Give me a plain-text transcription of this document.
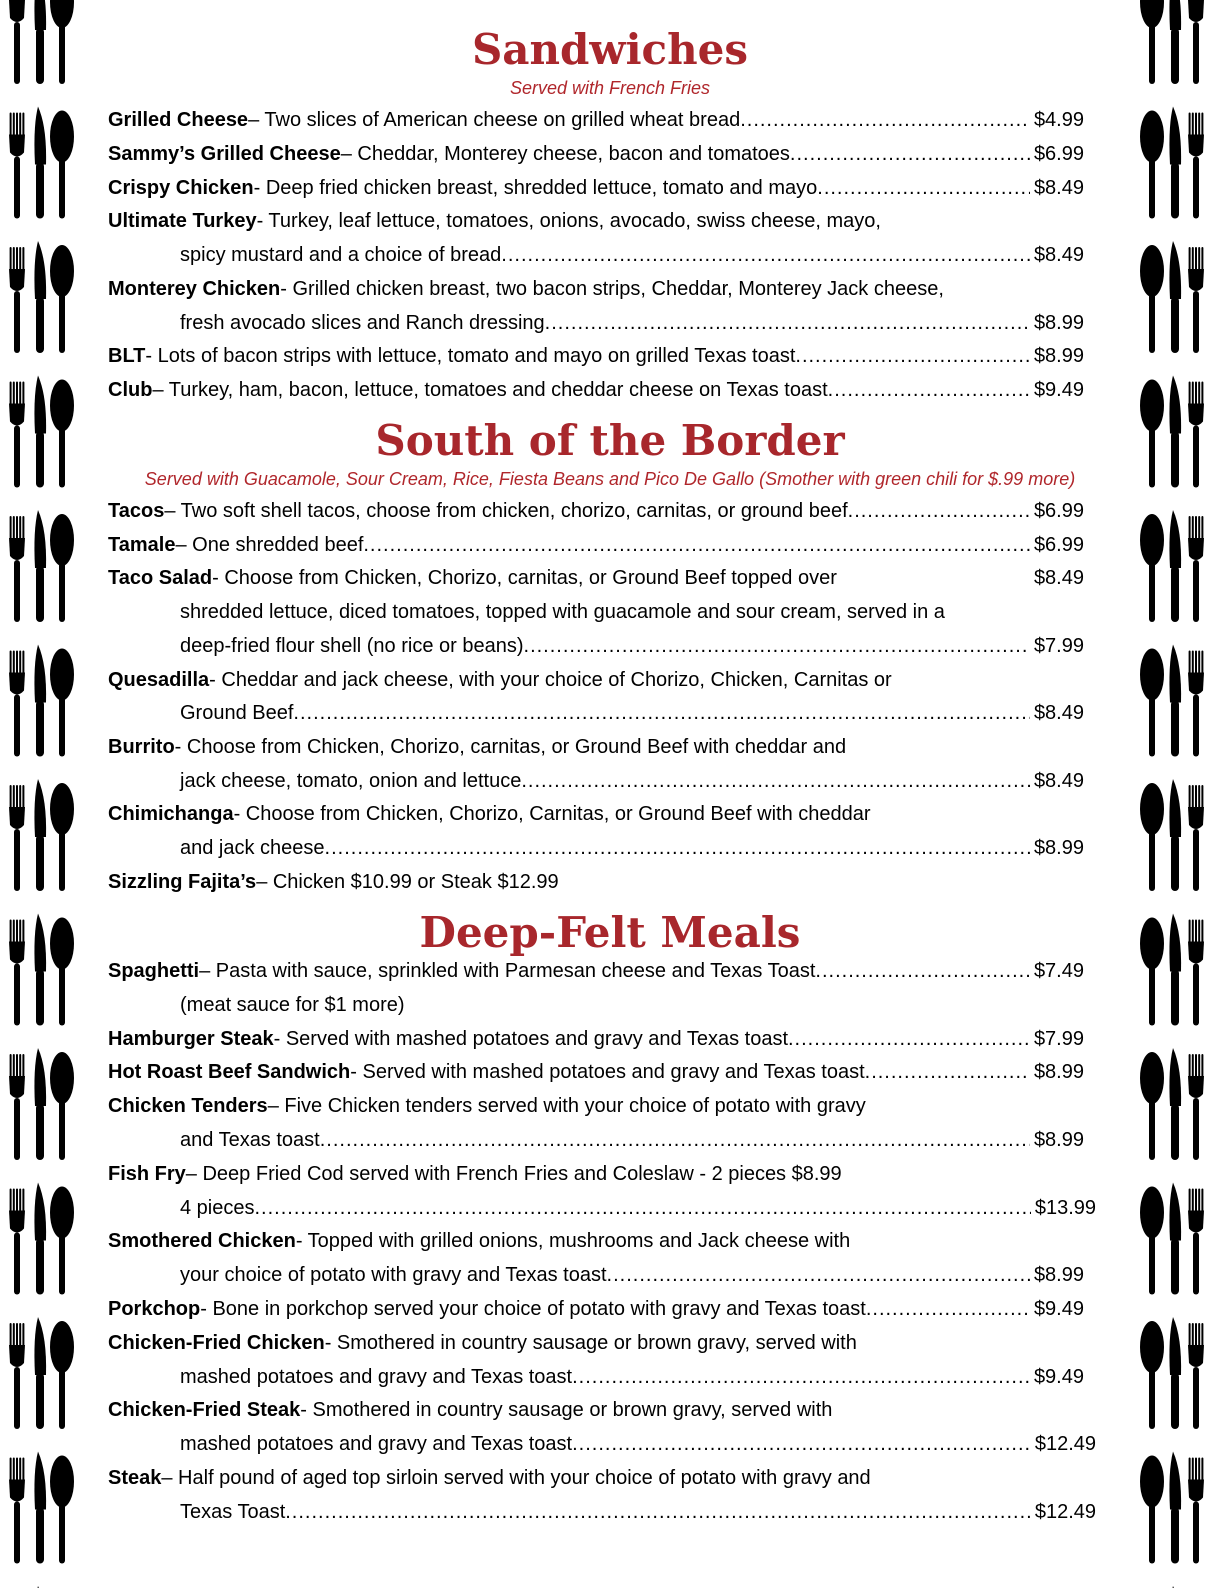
Sandwiches
Served with French Fries
Grilled Cheese – Two slices of American cheese on grilled wheat bread .....	$4.99
Sammy’s Grilled Cheese – Cheddar, Monterey cheese, bacon and tomatoes .....	$6.99
Crispy Chicken - Deep fried chicken breast, shredded lettuce, tomato and mayo .....	$8.49
Ultimate Turkey - Turkey, leaf lettuce, tomatoes, onions, avocado, swiss cheese, mayo,
spicy mustard and a choice of bread .....	$8.49
Monterey Chicken - Grilled chicken breast, two bacon strips, Cheddar, Monterey Jack cheese,
fresh avocado slices and Ranch dressing .....	$8.99
BLT - Lots of bacon strips with lettuce, tomato and mayo on grilled Texas toast .....	$8.99
Club – Turkey, ham, bacon, lettuce, tomatoes and cheddar cheese on Texas toast .....	$9.49
South of the Border
Served with Guacamole, Sour Cream, Rice, Fiesta Beans and Pico De Gallo (Smother with green chili for $.99 more)
Tacos – Two soft shell tacos, choose from chicken, chorizo, carnitas, or ground beef .....	$6.99
Tamale – One shredded beef .....	$6.99
Taco Salad - Choose from Chicken, Chorizo, carnitas, or Ground Beef topped over	$8.49
shredded lettuce, diced tomatoes, topped with guacamole and sour cream, served in a
deep-fried flour shell (no rice or beans) .....	$7.99
Quesadilla - Cheddar and jack cheese, with your choice of Chorizo, Chicken, Carnitas or
Ground Beef .....	$8.49
Burrito - Choose from Chicken, Chorizo, carnitas, or Ground Beef with cheddar and
jack cheese, tomato, onion and lettuce .....	$8.49
Chimichanga - Choose from Chicken, Chorizo, Carnitas, or Ground Beef with cheddar
and jack cheese .....	$8.99
Sizzling Fajita’s – Chicken $10.99 or Steak $12.99
Deep-Felt Meals
Spaghetti – Pasta with sauce, sprinkled with Parmesan cheese and Texas Toast .....	$7.49
(meat sauce for $1 more)
Hamburger Steak - Served with mashed potatoes and gravy and Texas toast .....	$7.99
Hot Roast Beef Sandwich - Served with mashed potatoes and gravy and Texas toast .....	$8.99
Chicken Tenders – Five Chicken tenders served with your choice of potato with gravy
and Texas toast .....	$8.99
Fish Fry – Deep Fried Cod served with French Fries and Coleslaw - 2 pieces $8.99
4 pieces .....	$13.99
Smothered Chicken - Topped with grilled onions, mushrooms and Jack cheese with
your choice of potato with gravy and Texas toast .....	$8.99
Porkchop - Bone in porkchop served your choice of potato with gravy and Texas toast .....	$9.49
Chicken-Fried Chicken - Smothered in country sausage or brown gravy, served with
mashed potatoes and gravy and Texas toast .....	$9.49
Chicken-Fried Steak - Smothered in country sausage or brown gravy, served with
mashed potatoes and gravy and Texas toast .....	$12.49
Steak – Half pound of aged top sirloin served with your choice of potato with gravy and
Texas Toast .....	$12.49
